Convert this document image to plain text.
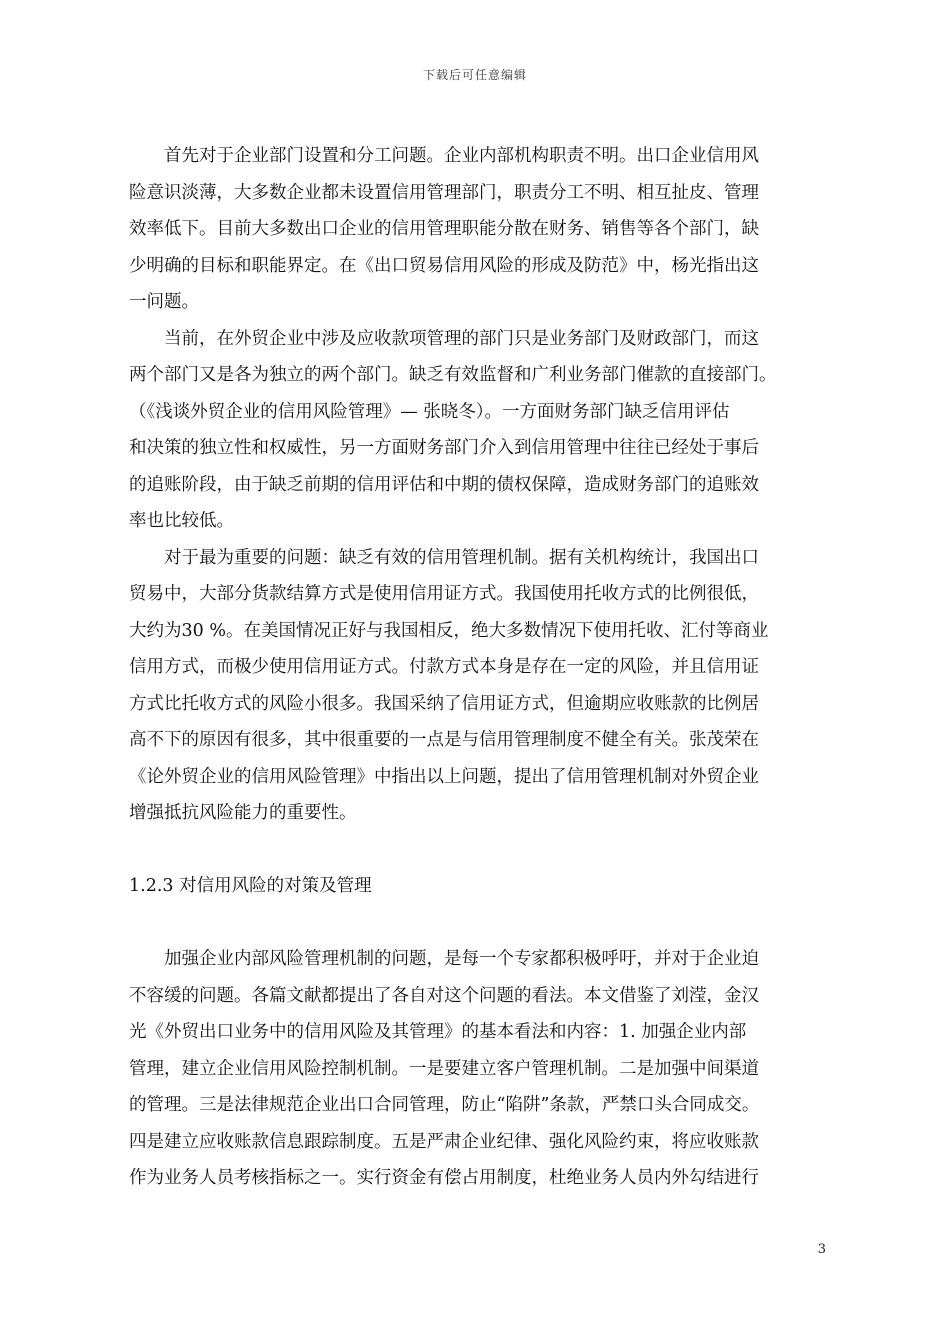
下载后可任意编辑
首先对于企业部门设置和分工问题。企业内部机构职责不明。出口企业信用风
险意识淡薄，大多数企业都未设置信用管理部门，职责分工不明、相互扯皮、管理
效率低下。目前大多数出口企业的信用管理职能分散在财务、销售等各个部门，缺
少明确的目标和职能界定。在《出口贸易信用风险的形成及防范》中，杨光指出这
一问题。
当前，在外贸企业中涉及应收款项管理的部门只是业务部门及财政部门，而这
两个部门又是各为独立的两个部门。缺乏有效监督和广利业务部门催款的直接部门。
（《浅谈外贸企业的信用风险管理》— 张晓冬）。一方面财务部门缺乏信用评估
和决策的独立性和权威性，另一方面财务部门介入到信用管理中往往已经处于事后
的追账阶段，由于缺乏前期的信用评估和中期的债权保障，造成财务部门的追账效
率也比较低。
对于最为重要的问题：缺乏有效的信用管理机制。据有关机构统计，我国出口
贸易中，大部分货款结算方式是使用信用证方式。我国使用托收方式的比例很低，
大约为30 %。在美国情况正好与我国相反，绝大多数情况下使用托收、汇付等商业
信用方式，而极少使用信用证方式。付款方式本身是存在一定的风险，并且信用证
方式比托收方式的风险小很多。我国采纳了信用证方式，但逾期应收账款的比例居
高不下的原因有很多，其中很重要的一点是与信用管理制度不健全有关。张茂荣在
《论外贸企业的信用风险管理》中指出以上问题，提出了信用管理机制对外贸企业
增强抵抗风险能力的重要性。
1.2.3 对信用风险的对策及管理
加强企业内部风险管理机制的问题，是每一个专家都积极呼吁，并对于企业迫
不容缓的问题。各篇文献都提出了各自对这个问题的看法。本文借鉴了刘滢，金汉
光《外贸出口业务中的信用风险及其管理》的基本看法和内容：1. 加强企业内部
管理，建立企业信用风险控制机制。一是要建立客户管理机制。二是加强中间渠道
的管理。三是法律规范企业出口合同管理，防止“陷阱”条款，严禁口头合同成交。
四是建立应收账款信息跟踪制度。五是严肃企业纪律、强化风险约束，将应收账款
作为业务人员考核指标之一。实行资金有偿占用制度，杜绝业务人员内外勾结进行
3
